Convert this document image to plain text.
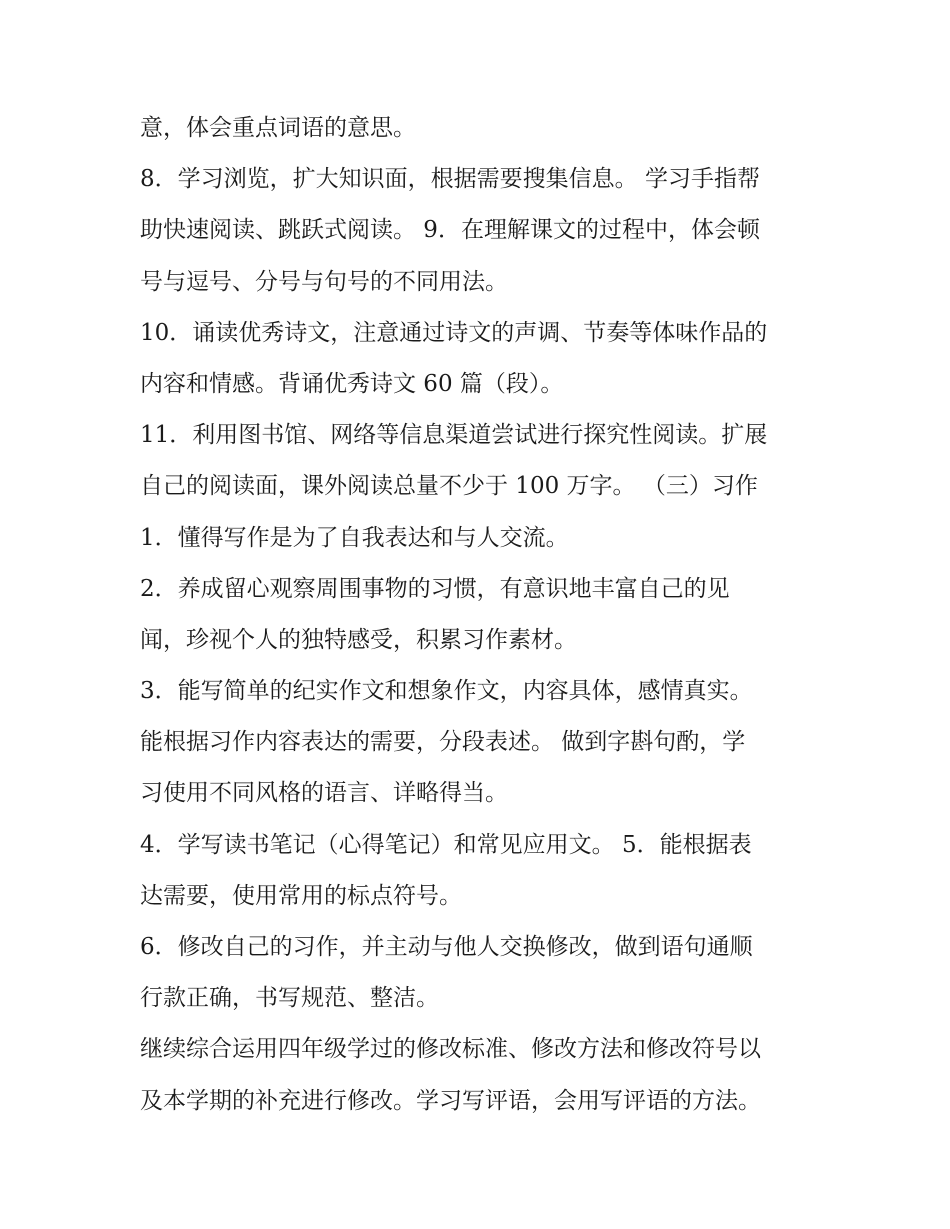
意，体会重点词语的意思。
8．学习浏览，扩大知识面，根据需要搜集信息。 学习手指帮
助快速阅读、跳跃式阅读。 9．在理解课文的过程中，体会顿
号与逗号、分号与句号的不同用法。
10．诵读优秀诗文，注意通过诗文的声调、节奏等体味作品的
内容和情感。背诵优秀诗文 60 篇（段）。
11．利用图书馆、网络等信息渠道尝试进行探究性阅读。扩展
自己的阅读面，课外阅读总量不少于 100 万字。 （三）习作
1．懂得写作是为了自我表达和与人交流。
2．养成留心观察周围事物的习惯，有意识地丰富自己的见
闻，珍视个人的独特感受，积累习作素材。
3．能写简单的纪实作文和想象作文，内容具体，感情真实。
能根据习作内容表达的需要，分段表述。 做到字斟句酌，学
习使用不同风格的语言、详略得当。
4．学写读书笔记（心得笔记）和常见应用文。 5．能根据表
达需要，使用常用的标点符号。
6．修改自己的习作，并主动与他人交换修改，做到语句通顺
行款正确，书写规范、整洁。
继续综合运用四年级学过的修改标准、修改方法和修改符号以
及本学期的补充进行修改。学习写评语，会用写评语的方法。
